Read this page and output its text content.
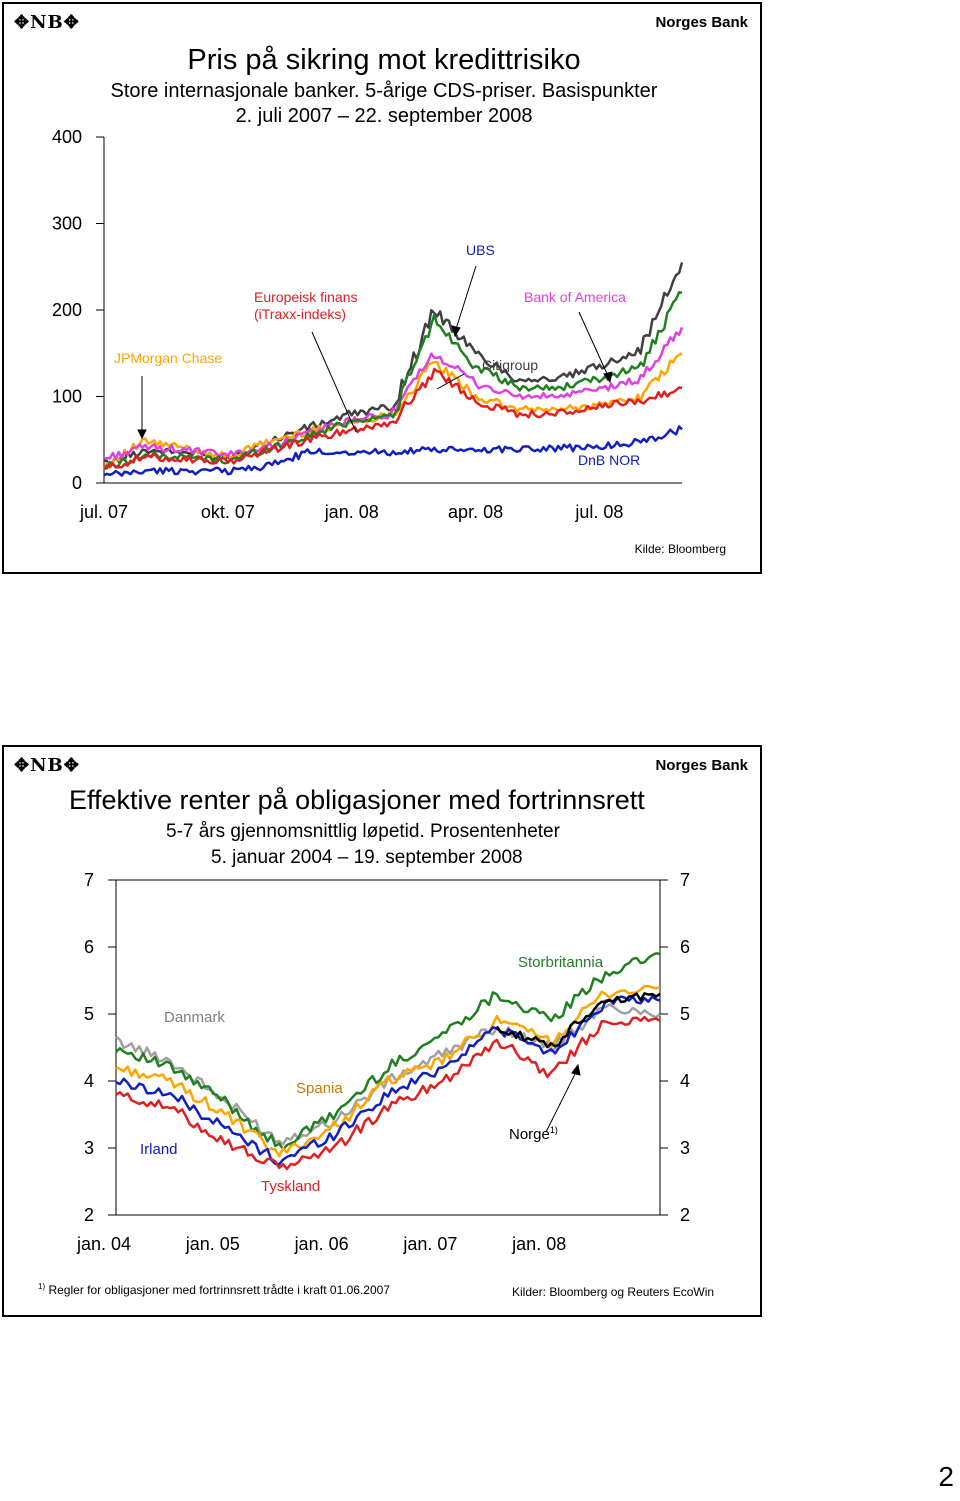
✥NB✥	Norges Bank
Pris på sikring mot kredittrisiko
Store internasjonale banker. 5-årige CDS-priser. Basispunkter
2. juli 2007 – 22. september 2008
0
100
200
300
400
jul. 07	okt. 07	jan. 08	apr. 08	jul. 08
UBS
Europeisk finans
(iTraxx-indeks)
Bank of America
JPMorgan Chase	Citigroup
DnB NOR
Kilde: Bloomberg
✥NB✥	Norges Bank
Effektive renter på obligasjoner med fortrinnsrett
5-7 års gjennomsnittlig løpetid. Prosentenheter
5. januar 2004 – 19. september 2008
2	2
3	3
4	4
5	5
6	6
7	7
jan. 04	jan. 05	jan. 06	jan. 07	jan. 08
Storbritannia
Danmark
Spania
Irland
Norge$^{1)}$
Tyskland
$^{1)}$ Regler for obligasjoner med fortrinnsrett trådte i kraft 01.06.2007	Kilder: Bloomberg og Reuters EcoWin
2
